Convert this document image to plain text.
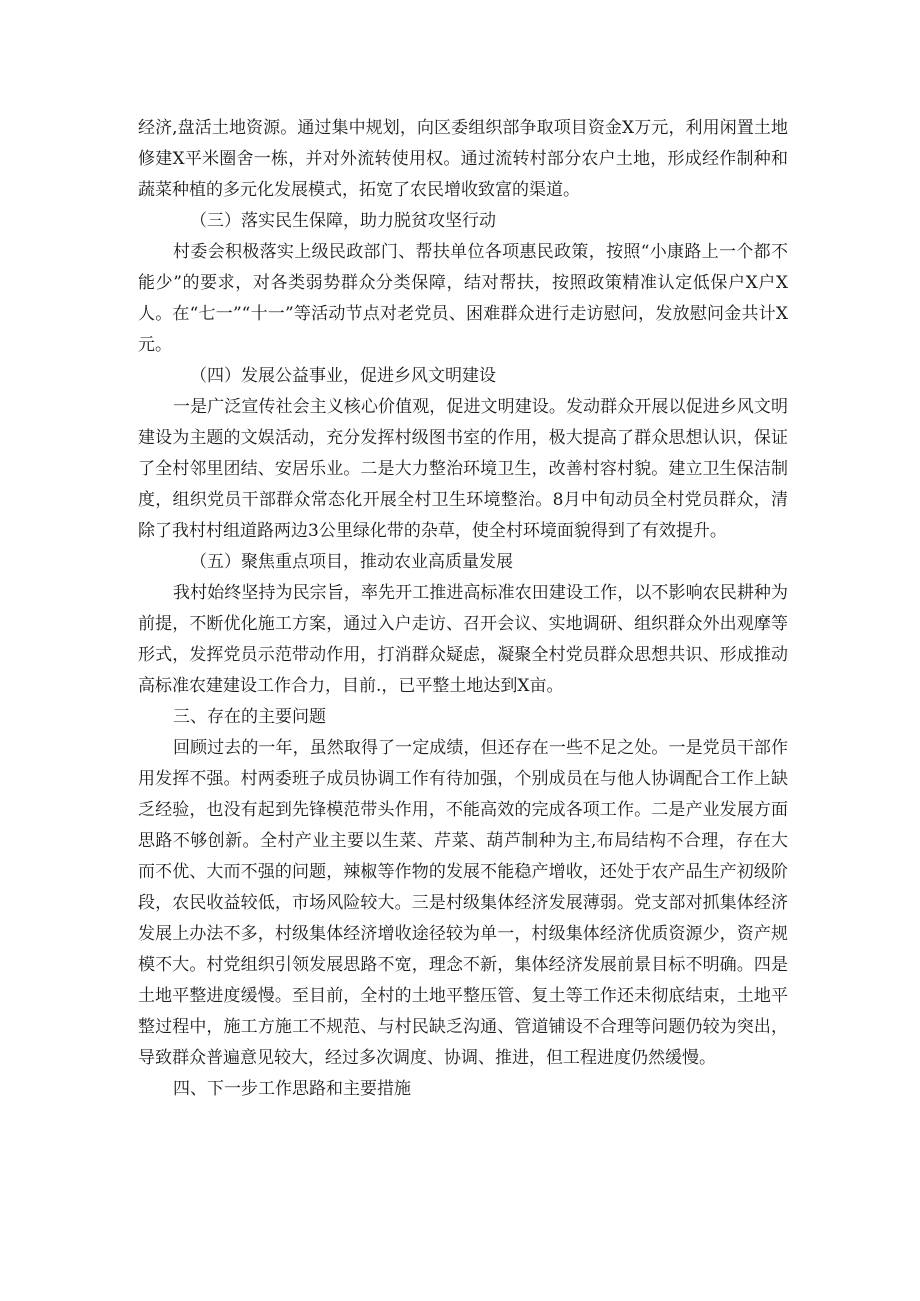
经济,盘活土地资源。通过集中规划，向区委组织部争取项目资金X万元，利用闲置土地修建X平米圈舍一栋，并对外流转使用权。通过流转村部分农户土地，形成经作制种和蔬菜种植的多元化发展模式，拓宽了农民增收致富的渠道。

（三）落实民生保障，助力脱贫攻坚行动

村委会积极落实上级民政部门、帮扶单位各项惠民政策，按照“小康路上一个都不能少”的要求，对各类弱势群众分类保障，结对帮扶，按照政策精准认定低保户X户X人。在“七一”“十一”等活动节点对老党员、困难群众进行走访慰问，发放慰问金共计X元。

（四）发展公益事业，促进乡风文明建设

一是广泛宣传社会主义核心价值观，促进文明建设。发动群众开展以促进乡风文明建设为主题的文娱活动，充分发挥村级图书室的作用，极大提高了群众思想认识，保证了全村邻里团结、安居乐业。二是大力整治环境卫生，改善村容村貌。建立卫生保洁制度，组织党员干部群众常态化开展全村卫生环境整治。8月中旬动员全村党员群众，清除了我村村组道路两边3公里绿化带的杂草，使全村环境面貌得到了有效提升。

（五）聚焦重点项目，推动农业高质量发展

我村始终坚持为民宗旨，率先开工推进高标准农田建设工作，以不影响农民耕种为前提，不断优化施工方案，通过入户走访、召开会议、实地调研、组织群众外出观摩等形式，发挥党员示范带动作用，打消群众疑虑，凝聚全村党员群众思想共识、形成推动高标准农建建设工作合力，目前.，已平整土地达到X亩。

三、存在的主要问题

回顾过去的一年，虽然取得了一定成绩，但还存在一些不足之处。一是党员干部作用发挥不强。村两委班子成员协调工作有待加强，个别成员在与他人协调配合工作上缺乏经验，也没有起到先锋模范带头作用，不能高效的完成各项工作。二是产业发展方面思路不够创新。全村产业主要以生菜、芹菜、葫芦制种为主,布局结构不合理，存在大而不优、大而不强的问题，辣椒等作物的发展不能稳产增收，还处于农产品生产初级阶段，农民收益较低，市场风险较大。三是村级集体经济发展薄弱。党支部对抓集体经济发展上办法不多，村级集体经济增收途径较为单一，村级集体经济优质资源少，资产规模不大。村党组织引领发展思路不宽，理念不新，集体经济发展前景目标不明确。四是土地平整进度缓慢。至目前，全村的土地平整压管、复土等工作还未彻底结束，土地平整过程中，施工方施工不规范、与村民缺乏沟通、管道铺设不合理等问题仍较为突出，导致群众普遍意见较大，经过多次调度、协调、推进，但工程进度仍然缓慢。

四、下一步工作思路和主要措施
